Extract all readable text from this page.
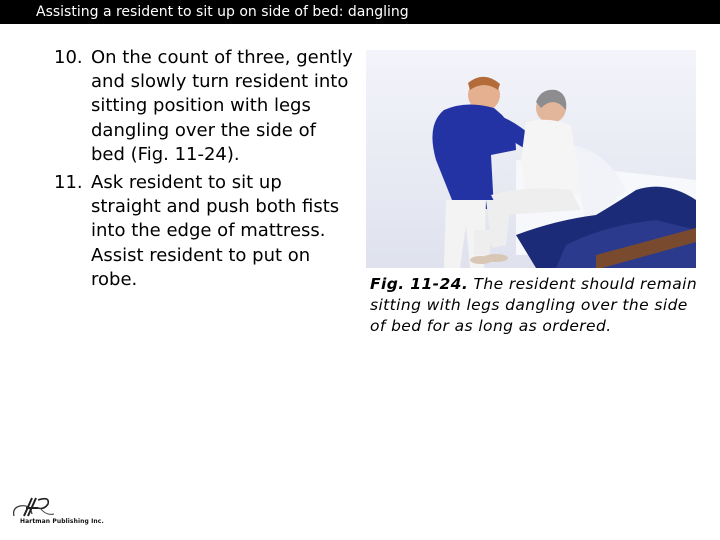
Assisting a resident to sit up on side of bed: dangling
10. On the count of three, gently and slowly turn resident into sitting position with legs dangling over the side of bed (Fig. 11-24).
11. Ask resident to sit up straight and push both fists into the edge of mattress. Assist resident to put on robe.	Fig. 11-24. The resident should remain sitting with legs dangling over the side of bed for as long as ordered.
Hartman Publishing Inc.
